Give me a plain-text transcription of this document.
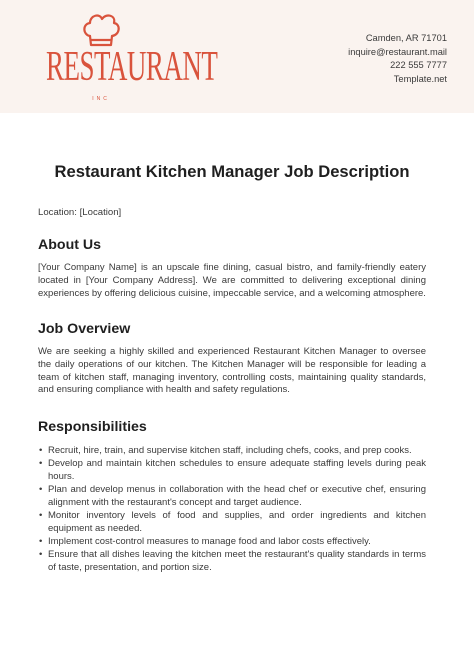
RESTAURANT
INC
Camden, AR 71701
inquire@restaurant.mail
222 555 7777
Template.net
Restaurant Kitchen Manager Job Description
Location: [Location]
About Us

[Your Company Name] is an upscale fine dining, casual bistro, and family-friendly eatery located in [Your Company Address]. We are committed to delivering exceptional dining experiences by offering delicious cuisine, impeccable service, and a welcoming atmosphere.

Job Overview

We are seeking a highly skilled and experienced Restaurant Kitchen Manager to oversee the daily operations of our kitchen. The Kitchen Manager will be responsible for leading a team of kitchen staff, managing inventory, controlling costs, maintaining quality standards, and ensuring compliance with health and safety regulations.

Responsibilities
• Recruit, hire, train, and supervise kitchen staff, including chefs, cooks, and prep cooks.
• Develop and maintain kitchen schedules to ensure adequate staffing levels during peak hours.
• Plan and develop menus in collaboration with the head chef or executive chef, ensuring alignment with the restaurant's concept and target audience.
• Monitor inventory levels of food and supplies, and order ingredients and kitchen equipment as needed.
• Implement cost-control measures to manage food and labor costs effectively.
• Ensure that all dishes leaving the kitchen meet the restaurant's quality standards in terms of taste, presentation, and portion size.
